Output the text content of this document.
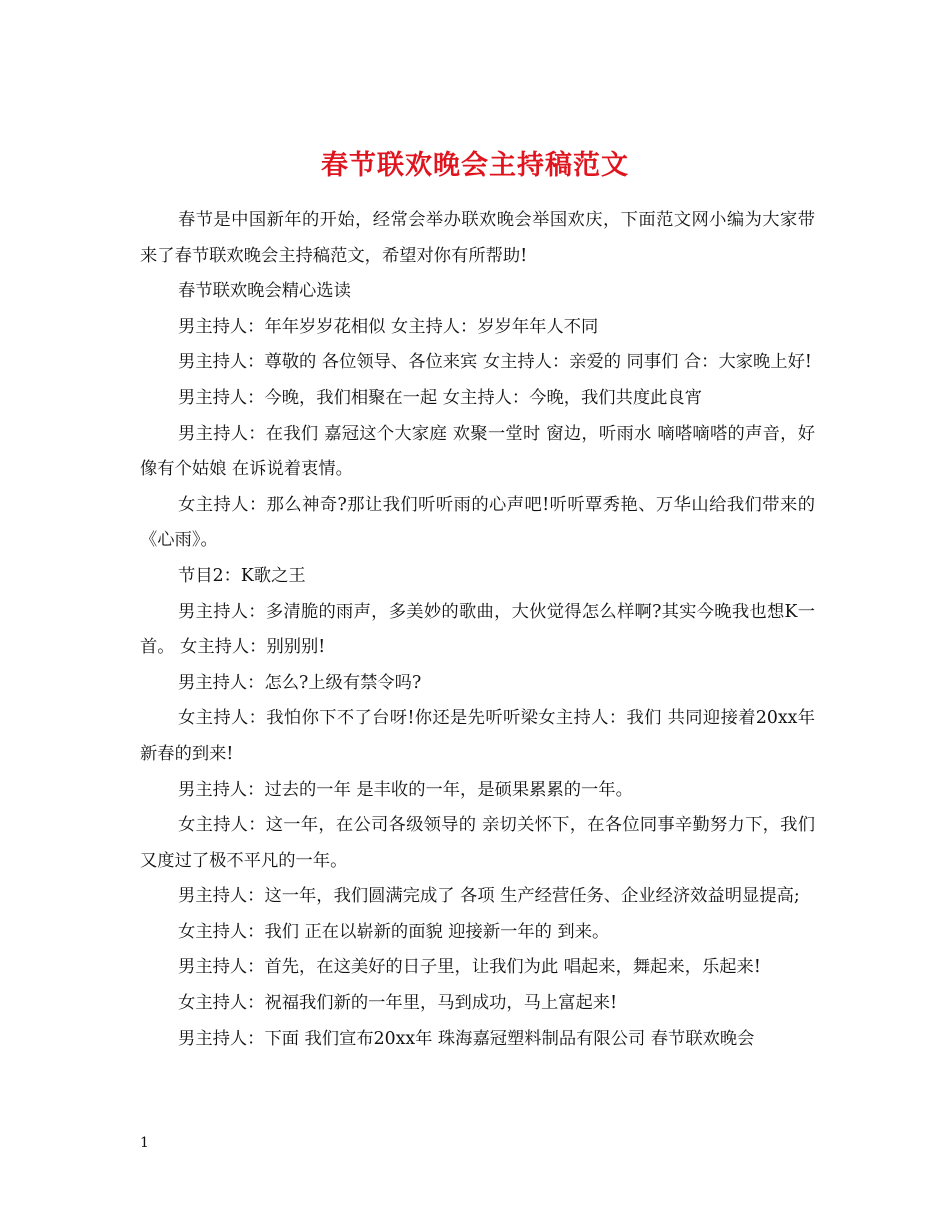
春节联欢晚会主持稿范文

春节是中国新年的开始，经常会举办联欢晚会举国欢庆，下面范文网小编为大家带来了春节联欢晚会主持稿范文，希望对你有所帮助!

春节联欢晚会精心选读

男主持人：年年岁岁花相似 女主持人：岁岁年年人不同

男主持人：尊敬的 各位领导、各位来宾 女主持人：亲爱的 同事们 合：大家晚上好!

男主持人：今晚，我们相聚在一起 女主持人：今晚，我们共度此良宵

男主持人：在我们 嘉冠这个大家庭 欢聚一堂时 窗边，听雨水 嘀嗒嘀嗒的声音，好像有个姑娘 在诉说着衷情。

女主持人：那么神奇?那让我们听听雨的心声吧!听听覃秀艳、万华山给我们带来的《心雨》。

节目2：K歌之王

男主持人：多清脆的雨声，多美妙的歌曲，大伙觉得怎么样啊?其实今晚我也想K一首。 女主持人：别别别!

男主持人：怎么?上级有禁令吗?

女主持人：我怕你下不了台呀!你还是先听听梁女主持人：我们 共同迎接着20xx年 新春的到来!

男主持人：过去的一年 是丰收的一年，是硕果累累的一年。

女主持人：这一年，在公司各级领导的 亲切关怀下，在各位同事辛勤努力下，我们又度过了极不平凡的一年。

男主持人：这一年，我们圆满完成了 各项 生产经营任务、企业经济效益明显提高;

女主持人：我们 正在以崭新的面貌 迎接新一年的 到来。

男主持人：首先，在这美好的日子里，让我们为此 唱起来，舞起来，乐起来!

女主持人：祝福我们新的一年里，马到成功，马上富起来!

男主持人：下面 我们宣布20xx年 珠海嘉冠塑料制品有限公司 春节联欢晚会

1
